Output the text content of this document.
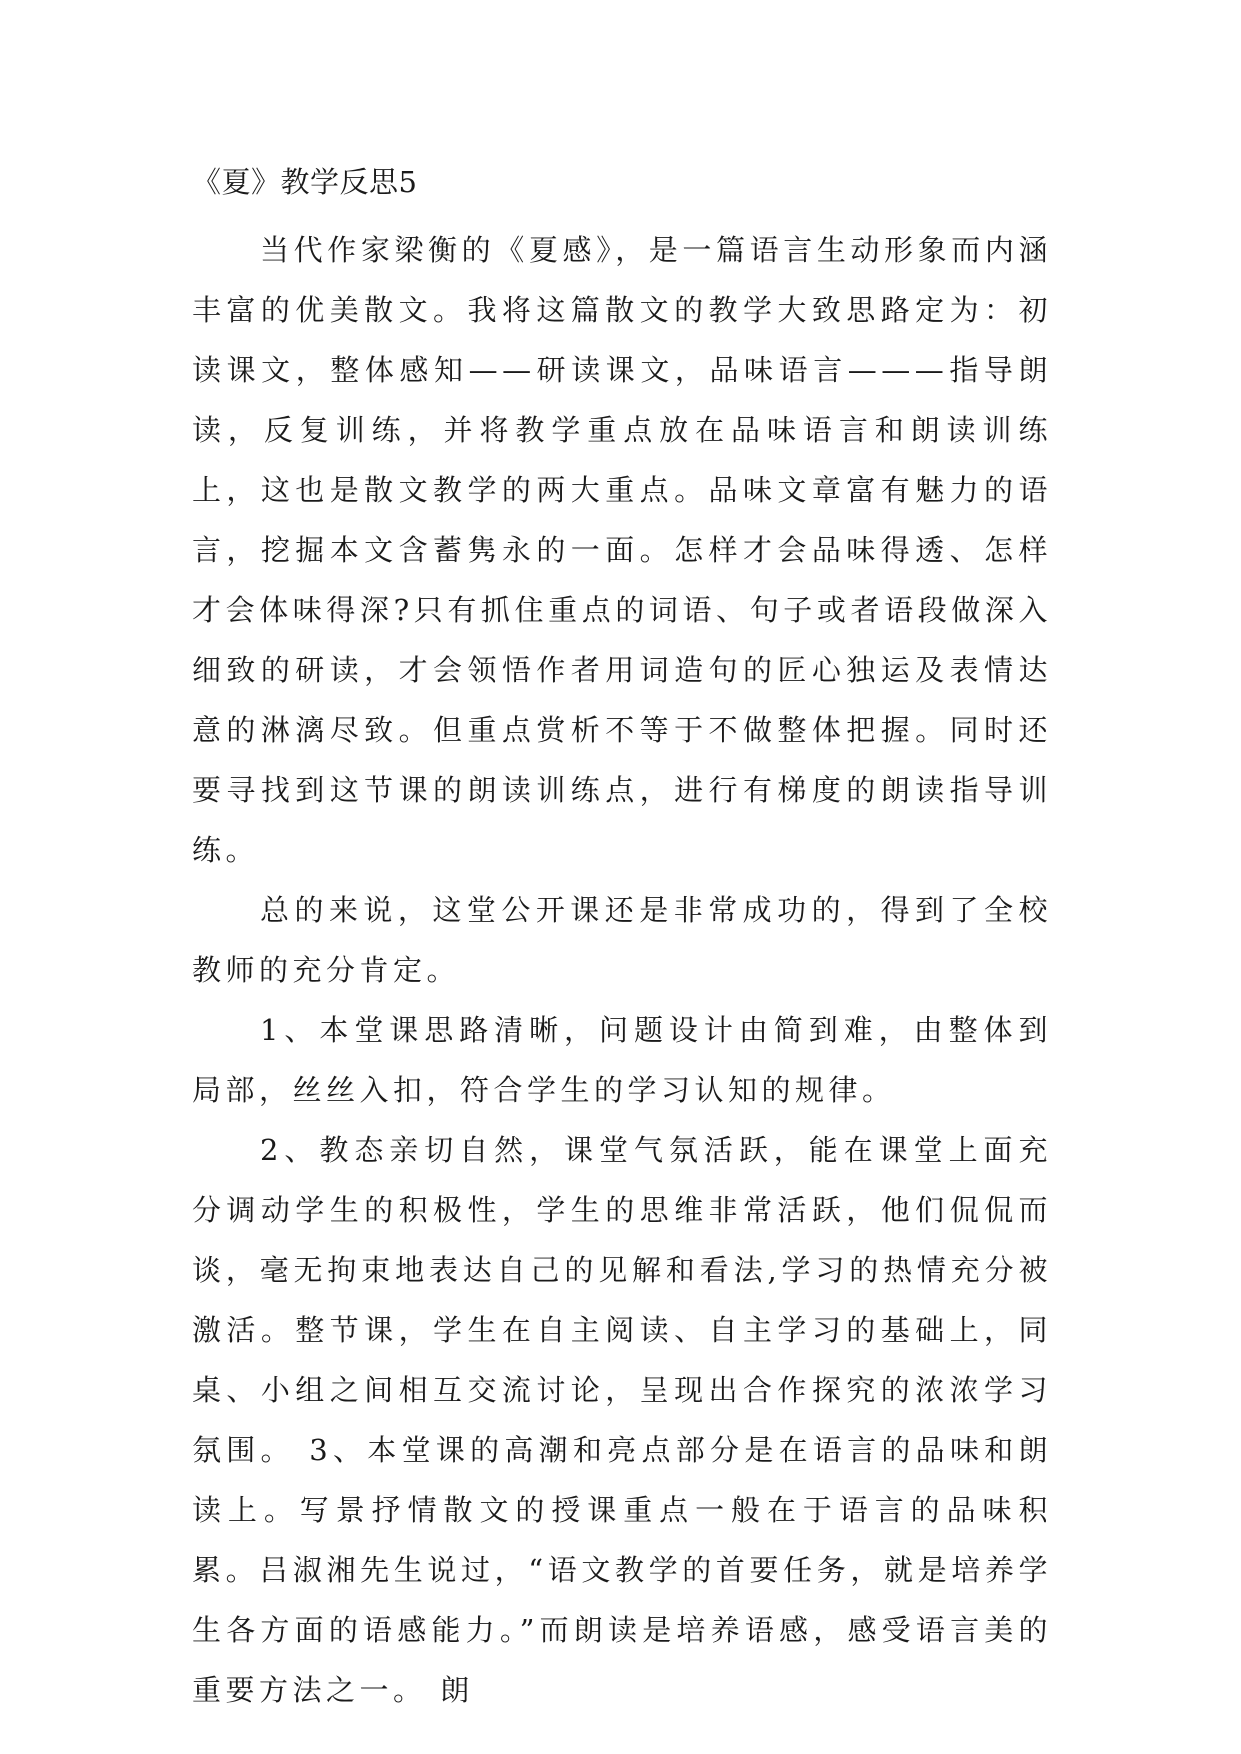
《夏》教学反思5

当代作家梁衡的《夏感》，是一篇语言生动形象而内涵丰富的优美散文。我将这篇散文的教学大致思路定为：初读课文，整体感知——研读课文，品味语言———指导朗读，反复训练，并将教学重点放在品味语言和朗读训练上，这也是散文教学的两大重点。品味文章富有魅力的语言，挖掘本文含蓄隽永的一面。怎样才会品味得透、怎样才会体味得深?只有抓住重点的词语、句子或者语段做深入细致的研读，才会领悟作者用词造句的匠心独运及表情达意的淋漓尽致。但重点赏析不等于不做整体把握。同时还要寻找到这节课的朗读训练点，进行有梯度的朗读指导训练。

总的来说，这堂公开课还是非常成功的，得到了全校教师的充分肯定。

1、本堂课思路清晰，问题设计由简到难，由整体到局部，丝丝入扣，符合学生的学习认知的规律。

2、教态亲切自然，课堂气氛活跃，能在课堂上面充分调动学生的积极性，学生的思维非常活跃，他们侃侃而谈，毫无拘束地表达自己的见解和看法,学习的热情充分被激活。整节课，学生在自主阅读、自主学习的基础上，同桌、小组之间相互交流讨论，呈现出合作探究的浓浓学习氛围。 3、本堂课的高潮和亮点部分是在语言的品味和朗读上。写景抒情散文的授课重点一般在于语言的品味积累。吕淑湘先生说过，“语文教学的首要任务，就是培养学生各方面的语感能力。”而朗读是培养语感，感受语言美的重要方法之一。 朗
